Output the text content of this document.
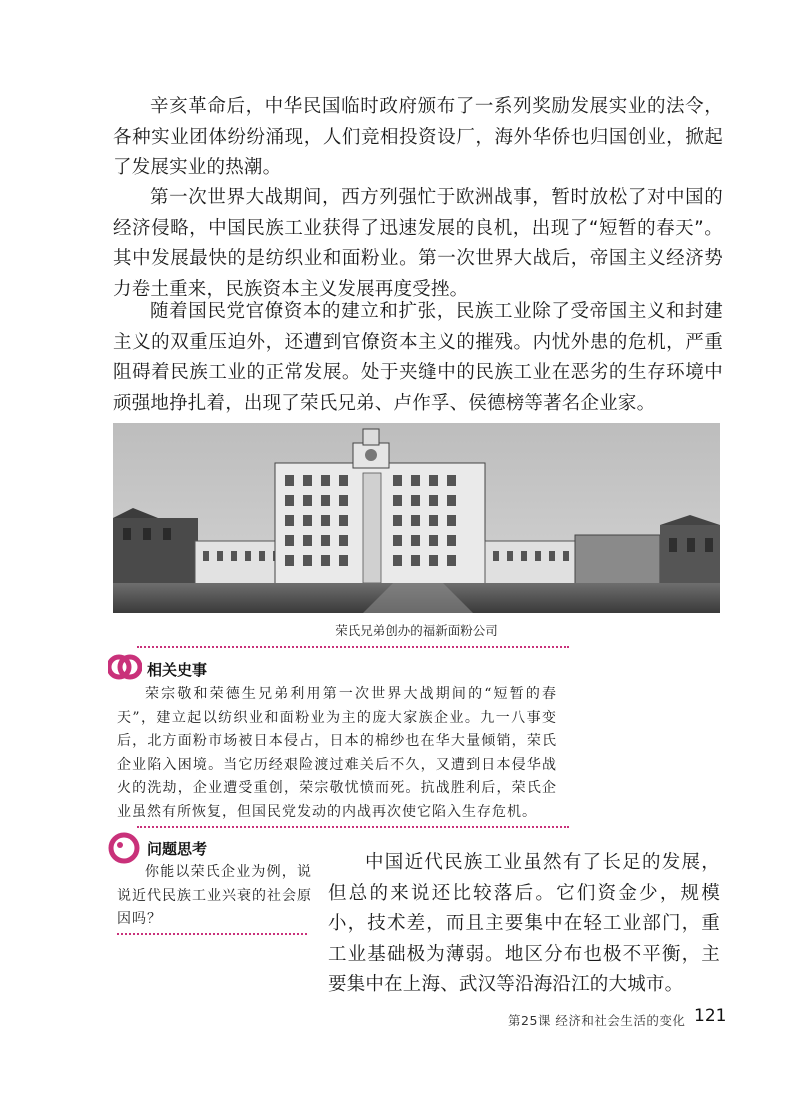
辛亥革命后，中华民国临时政府颁布了一系列奖励发展实业的法令，各种实业团体纷纷涌现，人们竞相投资设厂，海外华侨也归国创业，掀起了发展实业的热潮。

第一次世界大战期间，西方列强忙于欧洲战事，暂时放松了对中国的经济侵略，中国民族工业获得了迅速发展的良机，出现了“短暂的春天”。其中发展最快的是纺织业和面粉业。第一次世界大战后，帝国主义经济势力卷土重来，民族资本主义发展再度受挫。

随着国民党官僚资本的建立和扩张，民族工业除了受帝国主义和封建主义的双重压迫外，还遭到官僚资本主义的摧残。内忧外患的危机，严重阻碍着民族工业的正常发展。处于夹缝中的民族工业在恶劣的生存环境中顽强地挣扎着，出现了荣氏兄弟、卢作孚、侯德榜等著名企业家。

荣氏兄弟创办的福新面粉公司
相关史事

荣宗敬和荣德生兄弟利用第一次世界大战期间的“短暂的春天”，建立起以纺织业和面粉业为主的庞大家族企业。九一八事变后，北方面粉市场被日本侵占，日本的棉纱也在华大量倾销，荣氏企业陷入困境。当它历经艰险渡过难关后不久，又遭到日本侵华战火的洗劫，企业遭受重创，荣宗敬忧愤而死。抗战胜利后，荣氏企业虽然有所恢复，但国民党发动的内战再次使它陷入生存危机。

问题思考

你能以荣氏企业为例，说说近代民族工业兴衰的社会原因吗？

中国近代民族工业虽然有了长足的发展，但总的来说还比较落后。它们资金少，规模小，技术差，而且主要集中在轻工业部门，重工业基础极为薄弱。地区分布也极不平衡，主要集中在上海、武汉等沿海沿江的大城市。

第25课 经济和社会生活的变化 121
